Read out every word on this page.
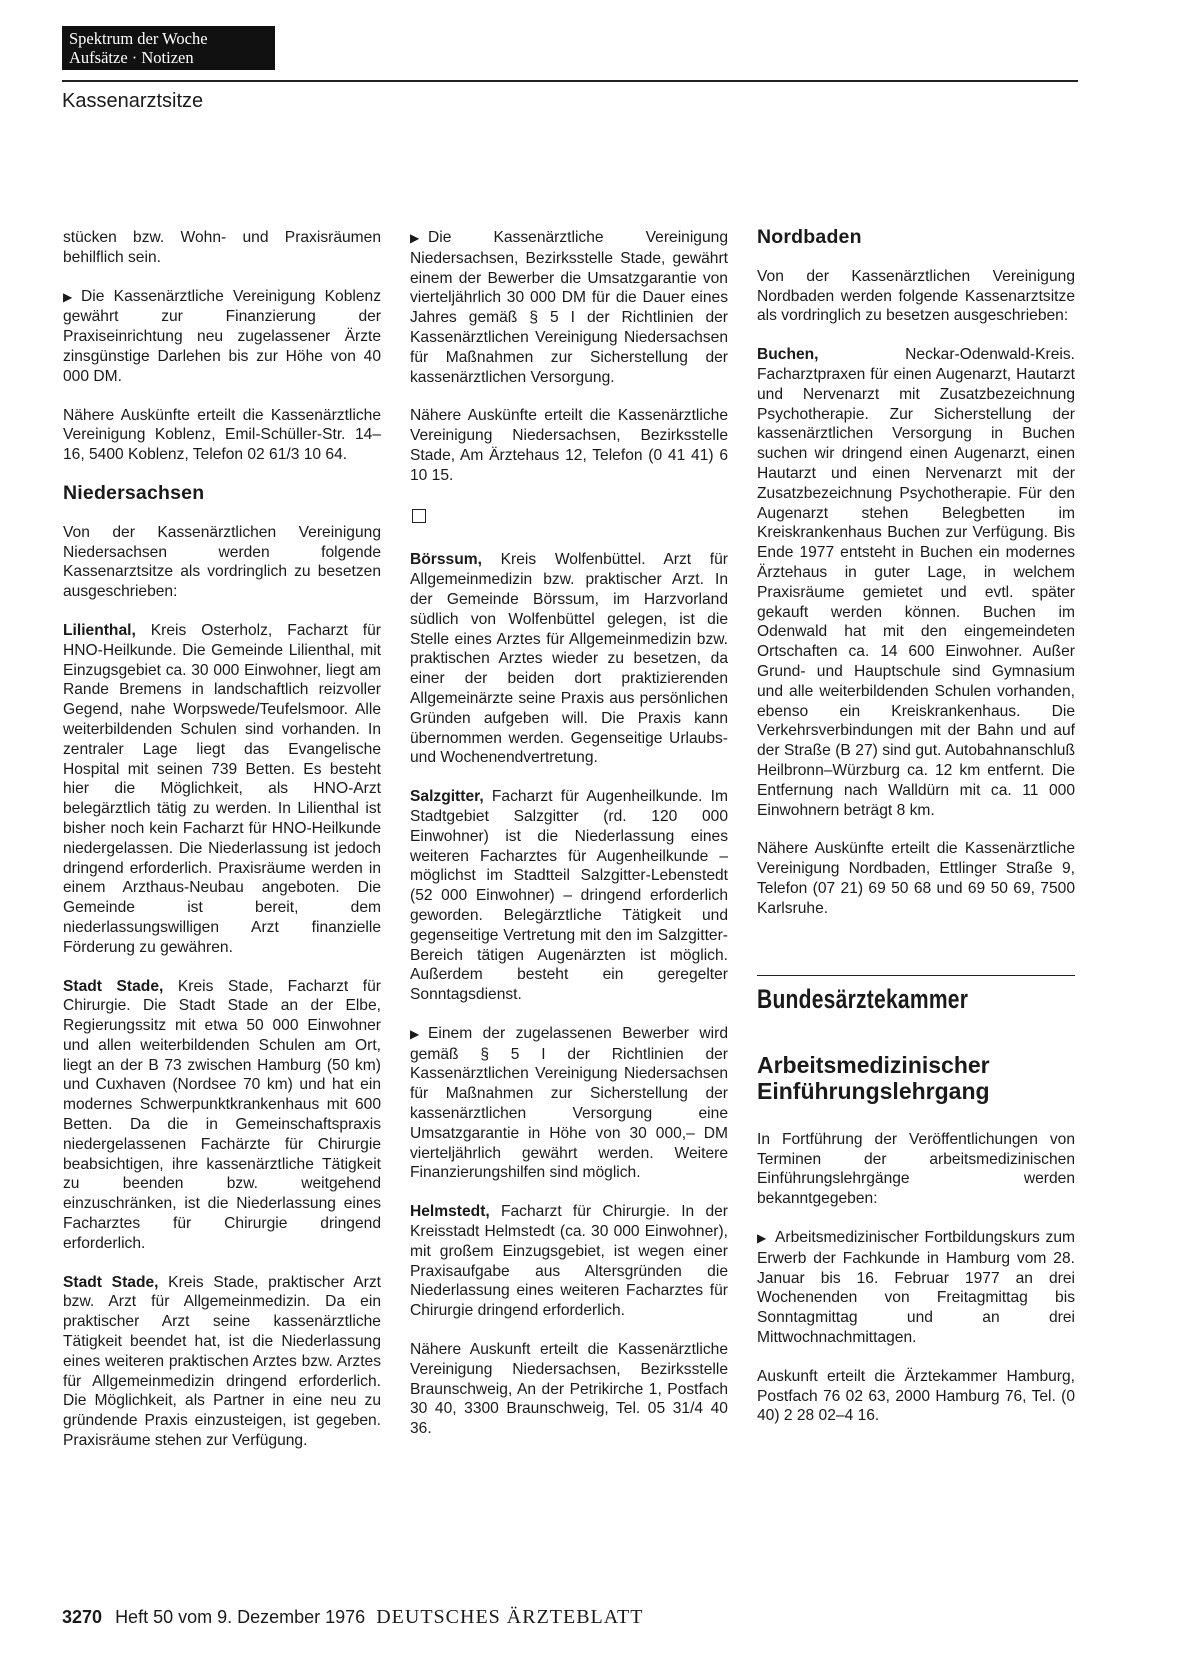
Spektrum der Woche
Aufsätze · Notizen
Kassenarztsitze

stücken bzw. Wohn- und Praxisräumen behilflich sein.

▶ Die Kassenärztliche Vereinigung Koblenz gewährt zur Finanzierung der Praxiseinrichtung neu zugelassener Ärzte zinsgünstige Darlehen bis zur Höhe von 40 000 DM.

Nähere Auskünfte erteilt die Kassenärztliche Vereinigung Koblenz, Emil-Schüller-Str. 14–16, 5400 Koblenz, Telefon 02 61/3 10 64.

Niedersachsen

Von der Kassenärztlichen Vereinigung Niedersachsen werden folgende Kassenarztsitze als vordringlich zu besetzen ausgeschrieben:

Lilienthal, Kreis Osterholz, Facharzt für HNO-Heilkunde. Die Gemeinde Lilienthal, mit Einzugsgebiet ca. 30 000 Einwohner, liegt am Rande Bremens in landschaftlich reizvoller Gegend, nahe Worpswede/Teufelsmoor. Alle weiterbildenden Schulen sind vorhanden. In zentraler Lage liegt das Evangelische Hospital mit seinen 739 Betten. Es besteht hier die Möglichkeit, als HNO-Arzt belegärztlich tätig zu werden. In Lilienthal ist bisher noch kein Facharzt für HNO-Heilkunde niedergelassen. Die Niederlassung ist jedoch dringend erforderlich. Praxisräume werden in einem Arzthaus-Neubau angeboten. Die Gemeinde ist bereit, dem niederlassungswilligen Arzt finanzielle Förderung zu gewähren.

Stadt Stade, Kreis Stade, Facharzt für Chirurgie. Die Stadt Stade an der Elbe, Regierungssitz mit etwa 50 000 Einwohner und allen weiterbildenden Schulen am Ort, liegt an der B 73 zwischen Hamburg (50 km) und Cuxhaven (Nordsee 70 km) und hat ein modernes Schwerpunktkrankenhaus mit 600 Betten. Da die in Gemeinschaftspraxis niedergelassenen Fachärzte für Chirurgie beabsichtigen, ihre kassenärztliche Tätigkeit zu beenden bzw. weitgehend einzuschränken, ist die Niederlassung eines Facharztes für Chirurgie dringend erforderlich.

Stadt Stade, Kreis Stade, praktischer Arzt bzw. Arzt für Allgemeinmedizin. Da ein praktischer Arzt seine kassenärztliche Tätigkeit beendet hat, ist die Niederlassung eines weiteren praktischen Arztes bzw. Arztes für Allgemeinmedizin dringend erforderlich. Die Möglichkeit, als Partner in eine neu zu gründende Praxis einzusteigen, ist gegeben. Praxisräume stehen zur Verfügung.

▶ Die Kassenärztliche Vereinigung Niedersachsen, Bezirksstelle Stade, gewährt einem der Bewerber die Umsatzgarantie von vierteljährlich 30 000 DM für die Dauer eines Jahres gemäß § 5 I der Richtlinien der Kassenärztlichen Vereinigung Niedersachsen für Maßnahmen zur Sicherstellung der kassenärztlichen Versorgung.

Nähere Auskünfte erteilt die Kassenärztliche Vereinigung Niedersachsen, Bezirksstelle Stade, Am Ärztehaus 12, Telefon (0 41 41) 6 10 15.

Börssum, Kreis Wolfenbüttel. Arzt für Allgemeinmedizin bzw. praktischer Arzt. In der Gemeinde Börssum, im Harzvorland südlich von Wolfenbüttel gelegen, ist die Stelle eines Arztes für Allgemeinmedizin bzw. praktischen Arztes wieder zu besetzen, da einer der beiden dort praktizierenden Allgemeinärzte seine Praxis aus persönlichen Gründen aufgeben will. Die Praxis kann übernommen werden. Gegenseitige Urlaubs- und Wochenendvertretung.

Salzgitter, Facharzt für Augenheilkunde. Im Stadtgebiet Salzgitter (rd. 120 000 Einwohner) ist die Niederlassung eines weiteren Facharztes für Augenheilkunde – möglichst im Stadtteil Salzgitter-Lebenstedt (52 000 Einwohner) – dringend erforderlich geworden. Belegärztliche Tätigkeit und gegenseitige Vertretung mit den im Salzgitter-Bereich tätigen Augenärzten ist möglich. Außerdem besteht ein geregelter Sonntagsdienst.

▶ Einem der zugelassenen Bewerber wird gemäß § 5 I der Richtlinien der Kassenärztlichen Vereinigung Niedersachsen für Maßnahmen zur Sicherstellung der kassenärztlichen Versorgung eine Umsatzgarantie in Höhe von 30 000,– DM vierteljährlich gewährt werden. Weitere Finanzierungshilfen sind möglich.

Helmstedt, Facharzt für Chirurgie. In der Kreisstadt Helmstedt (ca. 30 000 Einwohner), mit großem Einzugsgebiet, ist wegen einer Praxisaufgabe aus Altersgründen die Niederlassung eines weiteren Facharztes für Chirurgie dringend erforderlich.

Nähere Auskunft erteilt die Kassenärztliche Vereinigung Niedersachsen, Bezirksstelle Braunschweig, An der Petrikirche 1, Postfach 30 40, 3300 Braunschweig, Tel. 05 31/4 40 36.

Nordbaden

Von der Kassenärztlichen Vereinigung Nordbaden werden folgende Kassenarztsitze als vordringlich zu besetzen ausgeschrieben:

Buchen, Neckar-Odenwald-Kreis. Facharztpraxen für einen Augenarzt, Hautarzt und Nervenarzt mit Zusatzbezeichnung Psychotherapie. Zur Sicherstellung der kassenärztlichen Versorgung in Buchen suchen wir dringend einen Augenarzt, einen Hautarzt und einen Nervenarzt mit der Zusatzbezeichnung Psychotherapie. Für den Augenarzt stehen Belegbetten im Kreiskrankenhaus Buchen zur Verfügung. Bis Ende 1977 entsteht in Buchen ein modernes Ärztehaus in guter Lage, in welchem Praxisräume gemietet und evtl. später gekauft werden können. Buchen im Odenwald hat mit den eingemeindeten Ortschaften ca. 14 600 Einwohner. Außer Grund- und Hauptschule sind Gymnasium und alle weiterbildenden Schulen vorhanden, ebenso ein Kreiskrankenhaus. Die Verkehrsverbindungen mit der Bahn und auf der Straße (B 27) sind gut. Autobahnanschluß Heilbronn–Würzburg ca. 12 km entfernt. Die Entfernung nach Walldürn mit ca. 11 000 Einwohnern beträgt 8 km.

Nähere Auskünfte erteilt die Kassenärztliche Vereinigung Nordbaden, Ettlinger Straße 9, Telefon (07 21) 69 50 68 und 69 50 69, 7500 Karlsruhe.

Bundesärztekammer
Arbeitsmedizinischer Einführungslehrgang

In Fortführung der Veröffentlichungen von Terminen der arbeitsmedizinischen Einführungslehrgänge werden bekanntgegeben:

▶ Arbeitsmedizinischer Fortbildungskurs zum Erwerb der Fachkunde in Hamburg vom 28. Januar bis 16. Februar 1977 an drei Wochenenden von Freitagmittag bis Sonntagmittag und an drei Mittwochnachmittagen.

Auskunft erteilt die Ärztekammer Hamburg, Postfach 76 02 63, 2000 Hamburg 76, Tel. (0 40) 2 28 02–4 16.

3270 Heft 50 vom 9. Dezember 1976 DEUTSCHES ÄRZTEBLATT
